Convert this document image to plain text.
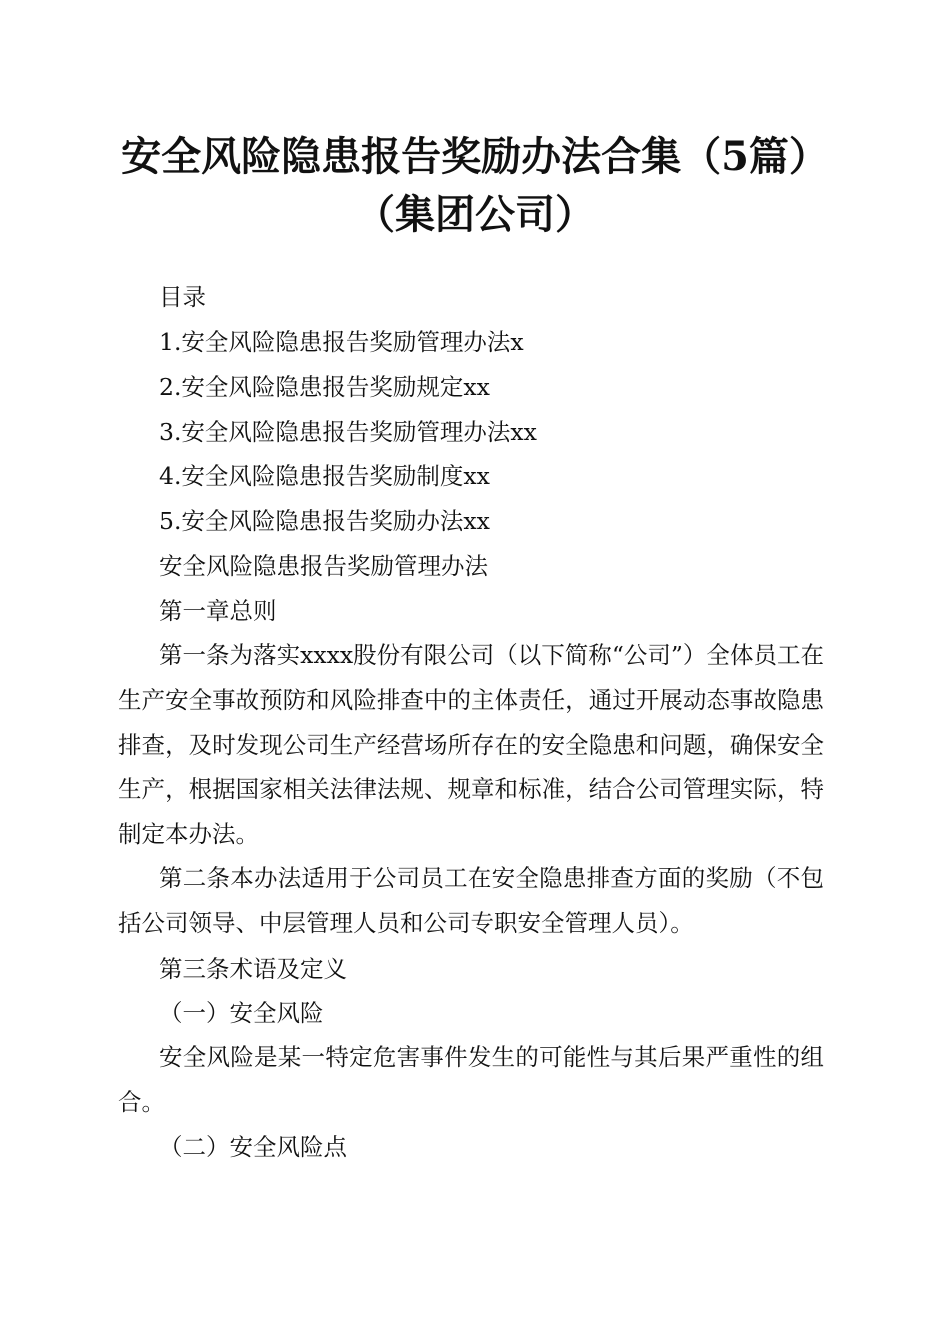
安全风险隐患报告奖励办法合集（5篇）（集团公司）
目录
1.安全风险隐患报告奖励管理办法x
2.安全风险隐患报告奖励规定xx
3.安全风险隐患报告奖励管理办法xx
4.安全风险隐患报告奖励制度xx
5.安全风险隐患报告奖励办法xx
安全风险隐患报告奖励管理办法
第一章总则
第一条为落实xxxx股份有限公司（以下简称“公司”）全体员工在生产安全事故预防和风险排查中的主体责任，通过开展动态事故隐患排查，及时发现公司生产经营场所存在的安全隐患和问题，确保安全生产，根据国家相关法律法规、规章和标准，结合公司管理实际，特制定本办法。
第二条本办法适用于公司员工在安全隐患排查方面的奖励（不包括公司领导、中层管理人员和公司专职安全管理人员）。
第三条术语及定义
（一）安全风险
安全风险是某一特定危害事件发生的可能性与其后果严重性的组合。
（二）安全风险点
